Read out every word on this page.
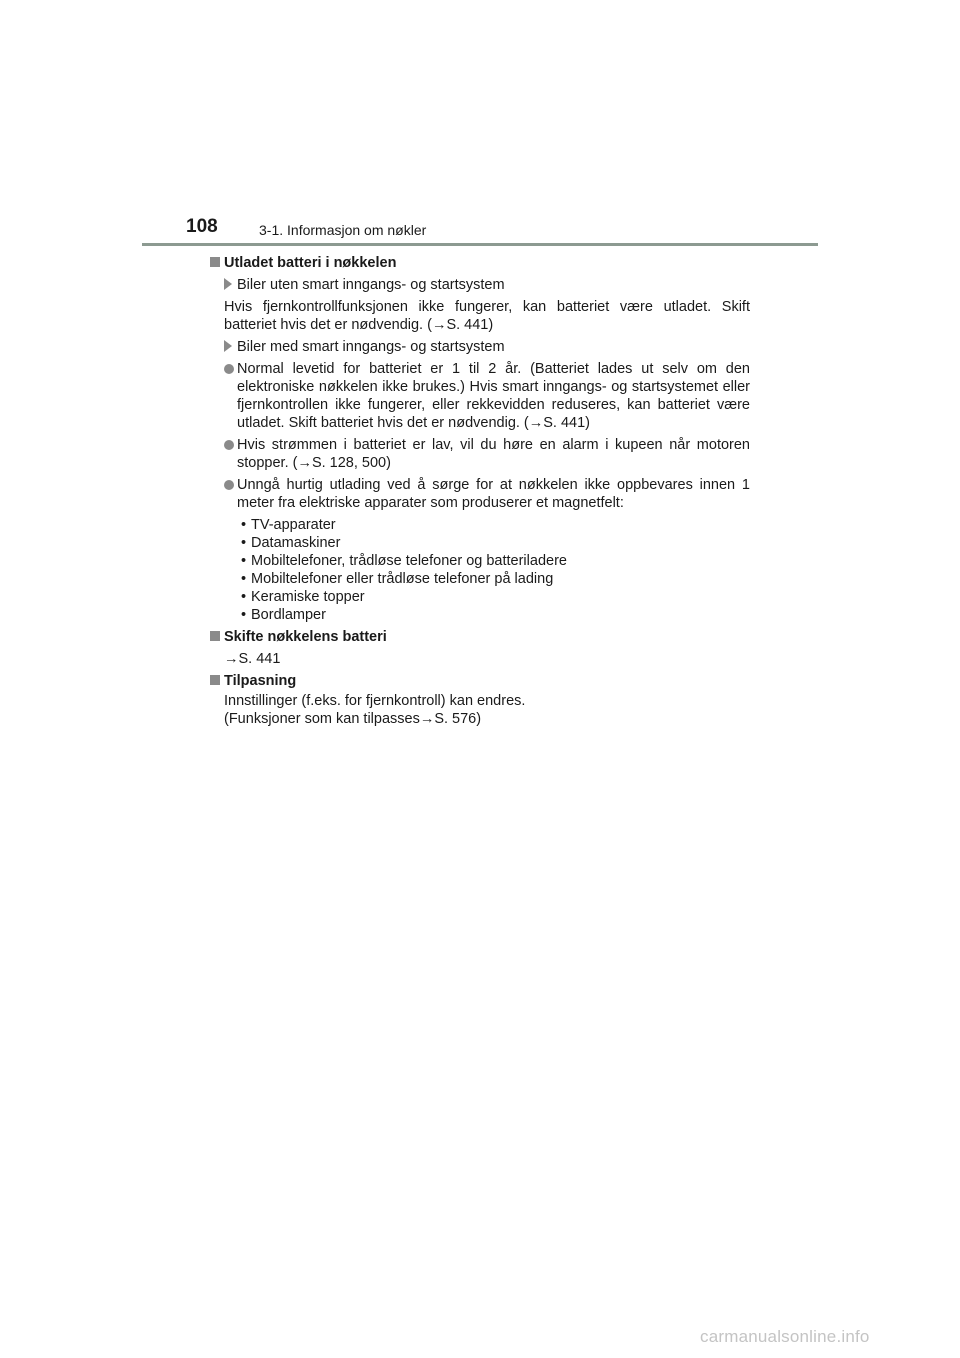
108	3-1. Informasjon om nøkler
Utladet batteri i nøkkelen
Biler uten smart inngangs- og startsystem
Hvis fjernkontrollfunksjonen ikke fungerer, kan batteriet være utladet. Skift batteriet hvis det er nødvendig. (→S. 441)
Biler med smart inngangs- og startsystem
Normal levetid for batteriet er 1 til 2 år. (Batteriet lades ut selv om den elektroniske nøkkelen ikke brukes.) Hvis smart inngangs- og startsystemet eller fjernkontrollen ikke fungerer, eller rekkevidden reduseres, kan batteriet være utladet. Skift batteriet hvis det er nødvendig. (→S. 441)
Hvis strømmen i batteriet er lav, vil du høre en alarm i kupeen når motoren stopper. (→S. 128, 500)
Unngå hurtig utlading ved å sørge for at nøkkelen ikke oppbevares innen 1 meter fra elektriske apparater som produserer et magnetfelt:
• TV-apparater
• Datamaskiner
• Mobiltelefoner, trådløse telefoner og batteriladere
• Mobiltelefoner eller trådløse telefoner på lading
• Keramiske topper
• Bordlamper
Skifte nøkkelens batteri
→S. 441
Tilpasning
Innstillinger (f.eks. for fjernkontroll) kan endres.
(Funksjoner som kan tilpasses→S. 576)
carmanualsonline.info
